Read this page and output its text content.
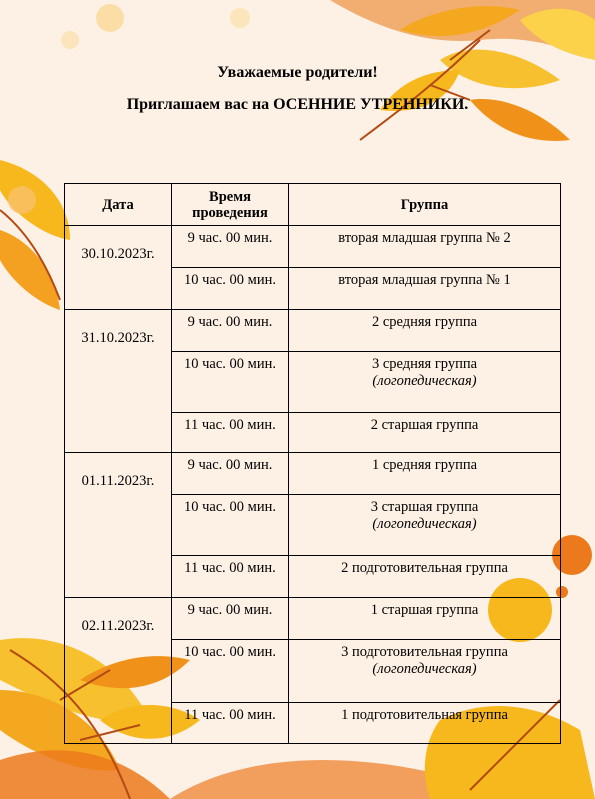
Уважаемые родители!
Приглашаем вас на ОСЕННИЕ УТРЕННИКИ.
Дата	Время проведения	Группа
30.10.2023г.	9 час. 00 мин.	вторая младшая группа № 2

	10 час. 00 мин.	вторая младшая группа № 1

31.10.2023г.	9 час. 00 мин.	2 средняя группа

	10 час. 00 мин.	3 средняя группа
(логопедическая)

	11 час. 00 мин.	2 старшая группа

01.11.2023г.	9 час. 00 мин.	1 средняя группа

	10 час. 00 мин.	3 старшая группа
(логопедическая)

	11 час. 00 мин.	2 подготовительная группа

02.11.2023г.	9 час. 00 мин.	1 старшая группа

	10 час. 00 мин.	3 подготовительная группа
(логопедическая)

	11 час. 00 мин.	1 подготовительная группа
